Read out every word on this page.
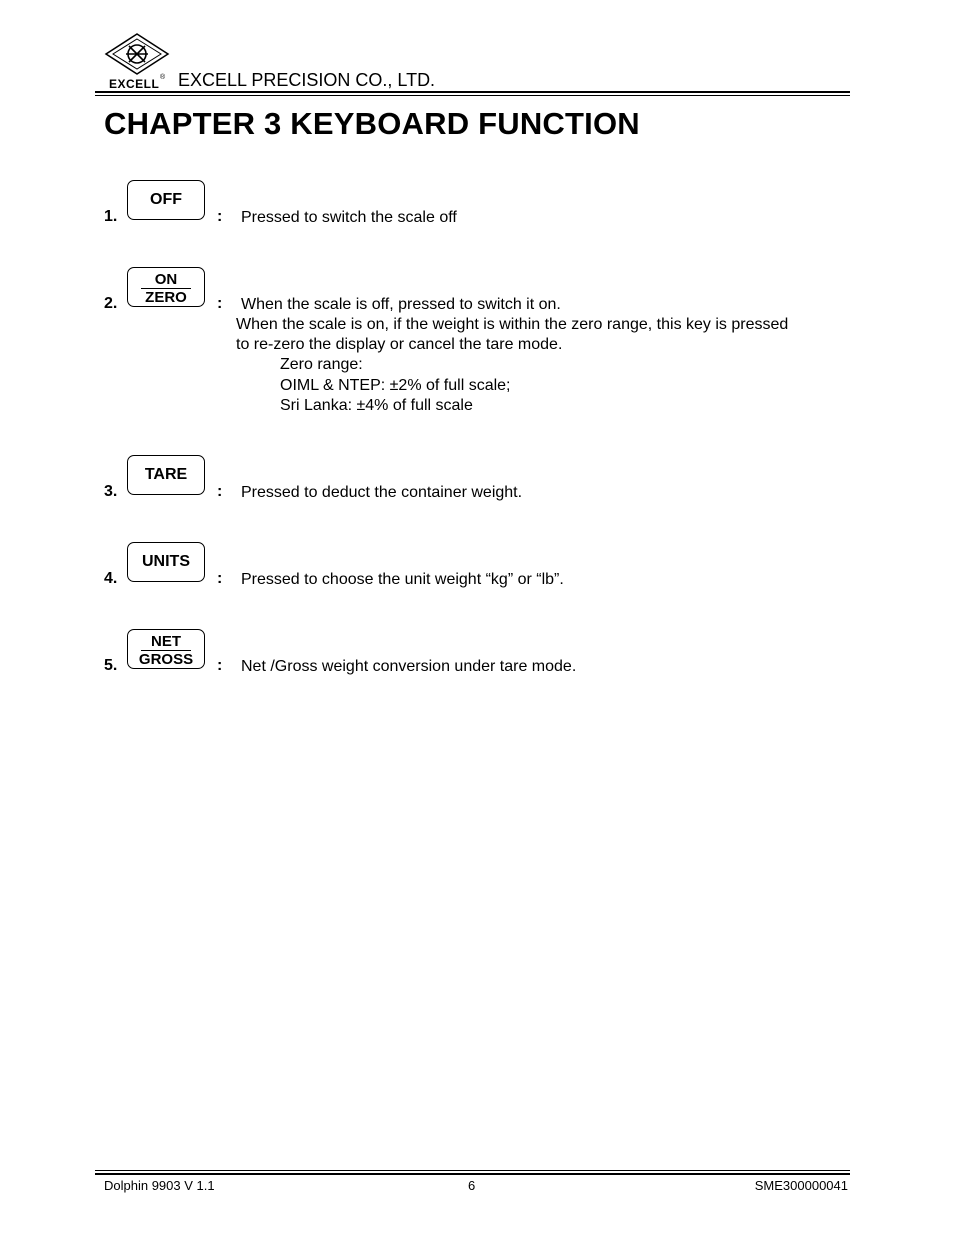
EXCELL ® EXCELL PRECISION CO., LTD.
CHAPTER 3 KEYBOARD FUNCTION
1.
OFF
: Pressed to switch the scale off
2.
ON
ZERO	: When the scale is off, pressed to switch it on.
When the scale is on, if the weight is within the zero range, this key is pressed
to re-zero the display or cancel the tare mode.
Zero range:
OIML & NTEP: ±2% of full scale;
Sri Lanka: ±4% of full scale
3.
TARE
: Pressed to deduct the container weight.
4.
UNITS
: Pressed to choose the unit weight “kg” or “lb”.
5.
NET
GROSS	: Net /Gross weight conversion under tare mode.
Dolphin 9903 V 1.1	6	SME300000041
